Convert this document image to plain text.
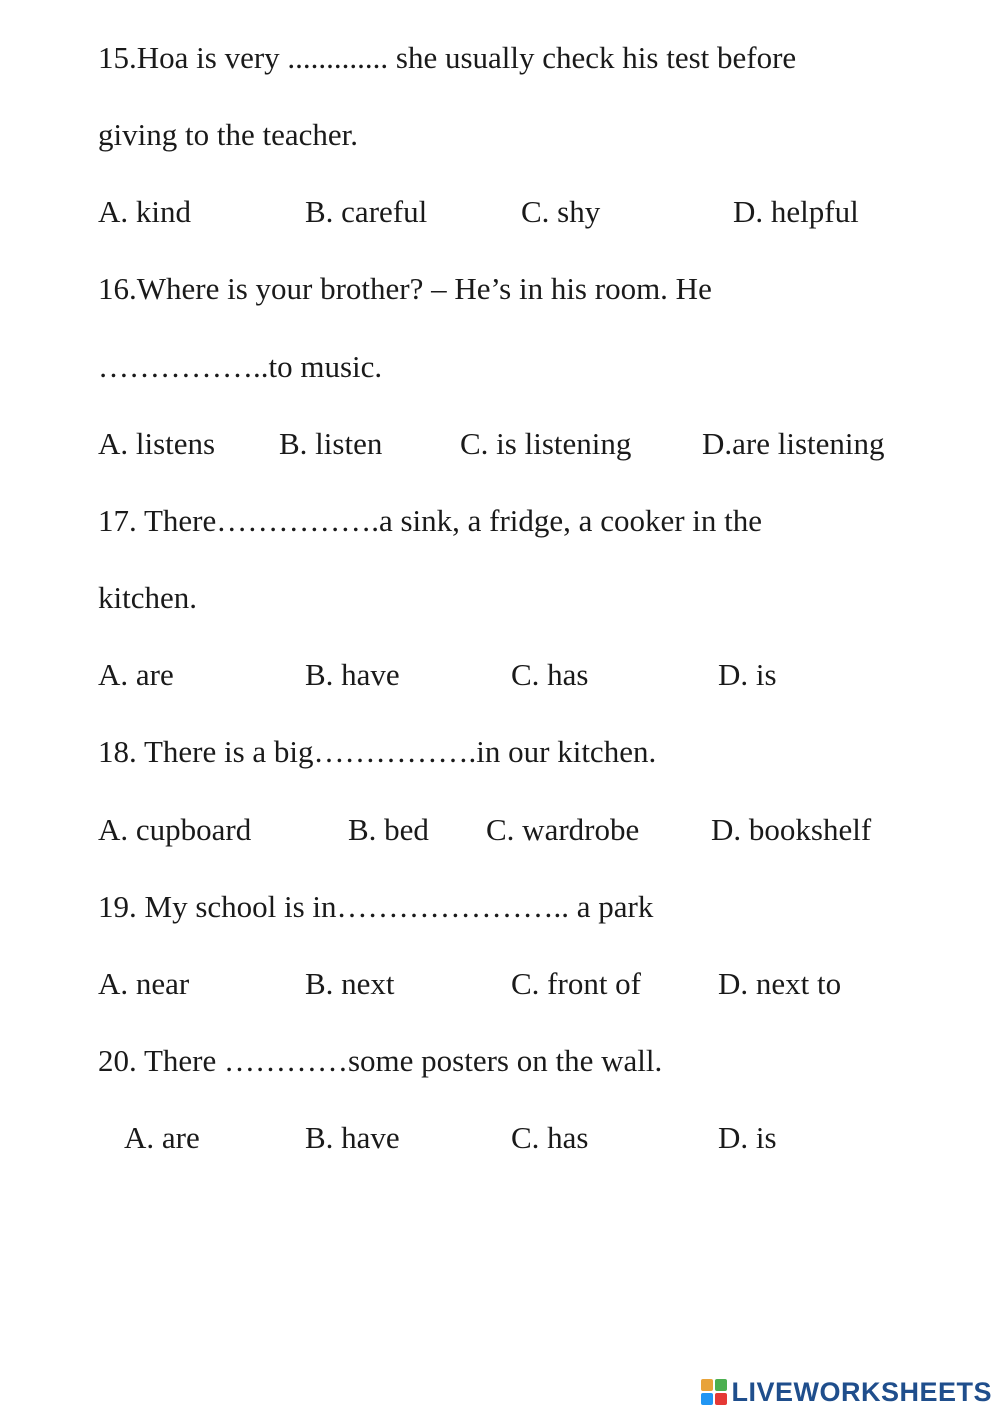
15.Hoa is very ............. she usually check his test before
giving to the teacher.
A. kind	B. careful	C. shy	D. helpful
16.Where is your brother? – He’s in his room. He
……………..to music.
A. listens B. listen	C. is listening D.are listening
17. There…………….a sink, a fridge, a cooker in the
kitchen.
A. are	B. have	C. has	D. is
18. There is a big…………….in our kitchen.
A. cupboard	B. bed C. wardrobe D. bookshelf
19. My school is in………………….. a park
A. near	B. next	C. front of D. next to
20. There …………some posters on the wall.
A. are	B. have	C. has	D. is
LIVEWORKSHEETS
